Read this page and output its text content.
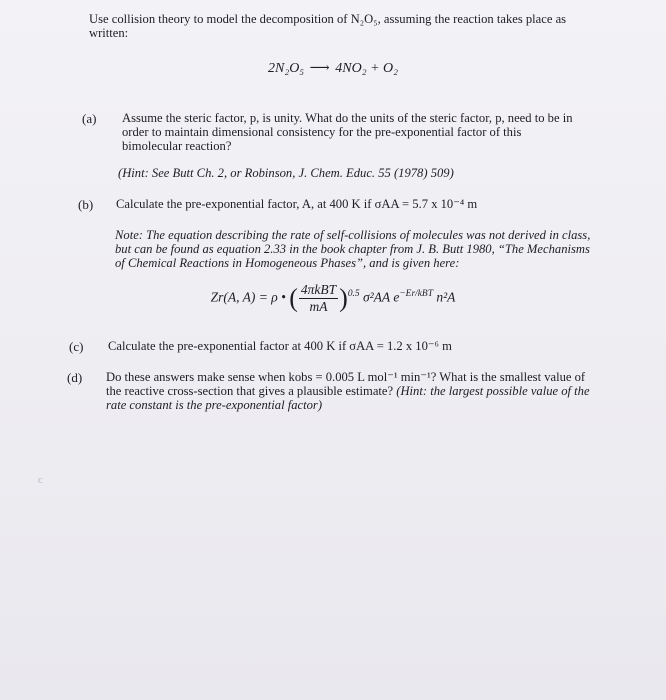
Use collision theory to model the decomposition of N₂O₅, assuming the reaction takes place as written:
2N₂O₅ ⟶ 4NO₂ + O₂
(a) Assume the steric factor, p, is unity. What do the units of the steric factor, p, need to be in order to maintain dimensional consistency for the pre-exponential factor of this bimolecular reaction?
(Hint: See Butt Ch. 2, or Robinson, J. Chem. Educ. 55 (1978) 509)
(b) Calculate the pre-exponential factor, A, at 400 K if σAA = 5.7 x 10⁻⁴ m
Note: The equation describing the rate of self-collisions of molecules was not derived in class, but can be found as equation 2.33 in the book chapter from J. B. Butt 1980, “The Mechanisms of Chemical Reactions in Homogeneous Phases”, and is given here:
Zr(A, A) = ρ • ( $\frac{\text{4πkBT}}{mA} )^{0.5}$ σ²AA $e^{-Er/kBT}$ n²A
(c) Calculate the pre-exponential factor at 400 K if σAA = 1.2 x 10⁻⁶ m
(d) Do these answers make sense when kobs = 0.005 L mol⁻¹ min⁻¹? What is the smallest value of the reactive cross-section that gives a plausible estimate? (Hint: the largest possible value of the rate constant is the pre-exponential factor)
c
